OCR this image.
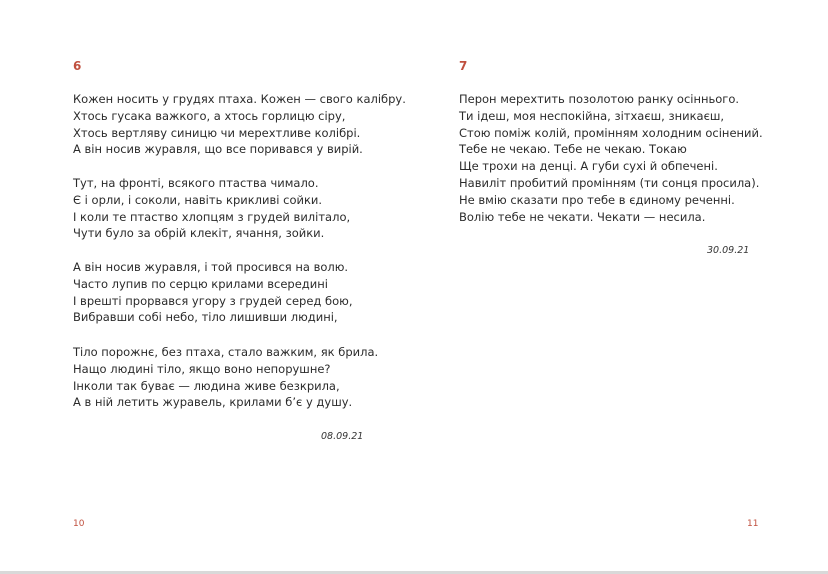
6
Кожен носить у грудях птаха. Кожен — свого калібру.
Хтось гусака важкого, а хтось горлицю сіру,
Хтось вертляву синицю чи мерехтливе колібрі.
А він носив журавля, що все поривався у вирій.
Тут, на фронті, всякого птаства чимало.
Є і орли, і соколи, навіть крикливі сойки.
І коли те птаство хлопцям з грудей вилітало,
Чути було за обрій клекіт, ячання, зойки.
А він носив журавля, і той просився на волю.
Часто лупив по серцю крилами всередині
І врешті прорвався угору з грудей серед бою,
Вибравши собі небо, тіло лишивши людині,
Тіло порожнє, без птаха, стало важким, як брила.
Нащо людині тіло, якщо воно непорушне?
Інколи так буває — людина живе безкрила,
А в ній летить журавель, крилами б’є у душу.
08.09.21
10
7
Перон мерехтить позолотою ранку осіннього.
Ти ідеш, моя неспокійна, зітхаєш, зникаєш,
Стою поміж колій, промінням холодним осінений.
Тебе не чекаю. Тебе не чекаю. Токаю
Ще трохи на денці. А губи сухі й обпечені.
Навиліт пробитий промінням (ти сонця просила).
Не вмію сказати про тебе в єдиному реченні.
Волію тебе не чекати. Чекати — несила.
30.09.21
11
